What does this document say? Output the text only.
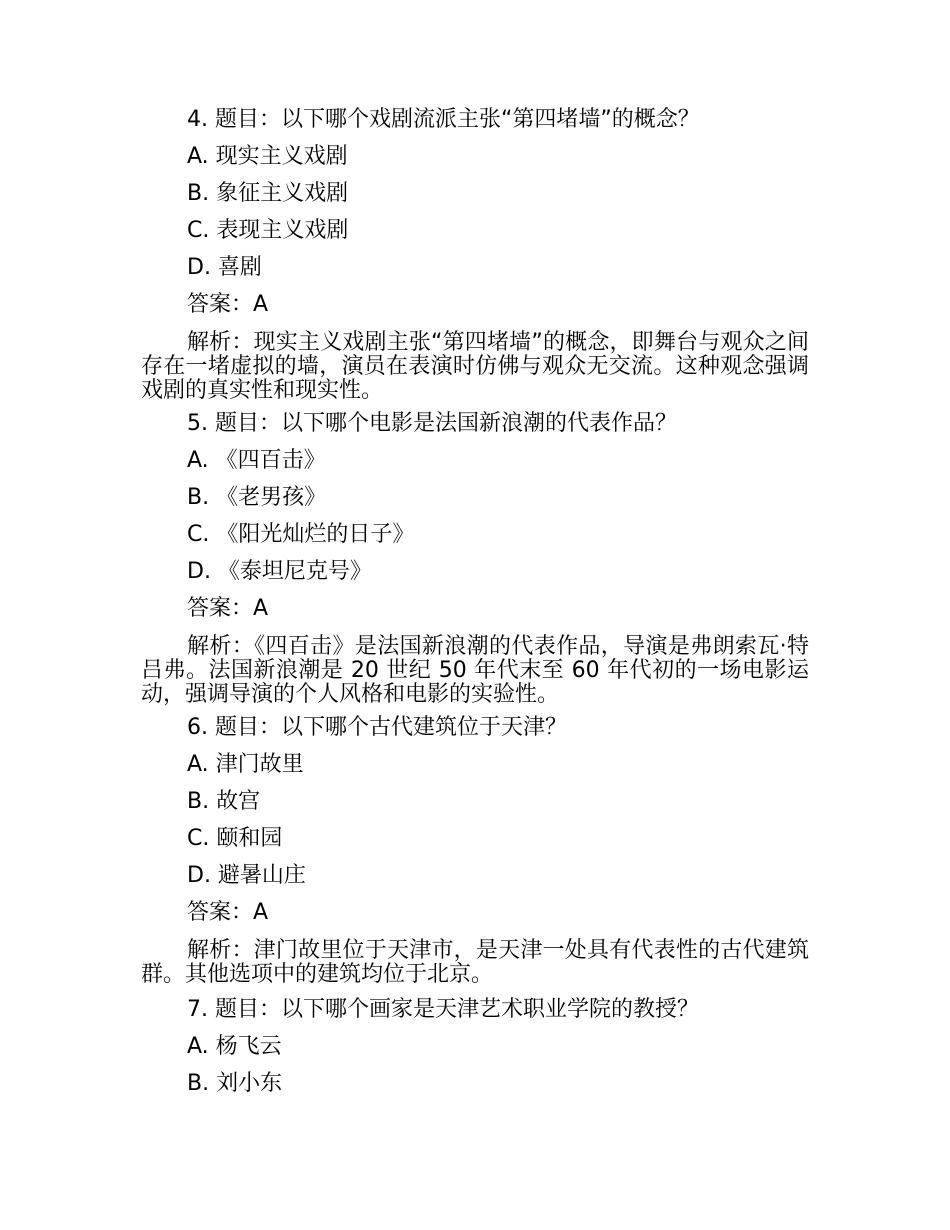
4. 题目：以下哪个戏剧流派主张“第四堵墙”的概念？
A. 现实主义戏剧
B. 象征主义戏剧
C. 表现主义戏剧
D. 喜剧
答案：A
解析：现实主义戏剧主张“第四堵墙”的概念，即舞台与观众之间存在一堵虚拟的墙，演员在表演时仿佛与观众无交流。这种观念强调戏剧的真实性和现实性。
5. 题目：以下哪个电影是法国新浪潮的代表作品？
A. 《四百击》
B. 《老男孩》
C. 《阳光灿烂的日子》
D. 《泰坦尼克号》
答案：A
解析：《四百击》是法国新浪潮的代表作品，导演是弗朗索瓦·特吕弗。法国新浪潮是 20 世纪 50 年代末至 60 年代初的一场电影运动，强调导演的个人风格和电影的实验性。
6. 题目：以下哪个古代建筑位于天津？
A. 津门故里
B. 故宫
C. 颐和园
D. 避暑山庄
答案：A
解析：津门故里位于天津市，是天津一处具有代表性的古代建筑群。其他选项中的建筑均位于北京。
7. 题目：以下哪个画家是天津艺术职业学院的教授？
A. 杨飞云
B. 刘小东
